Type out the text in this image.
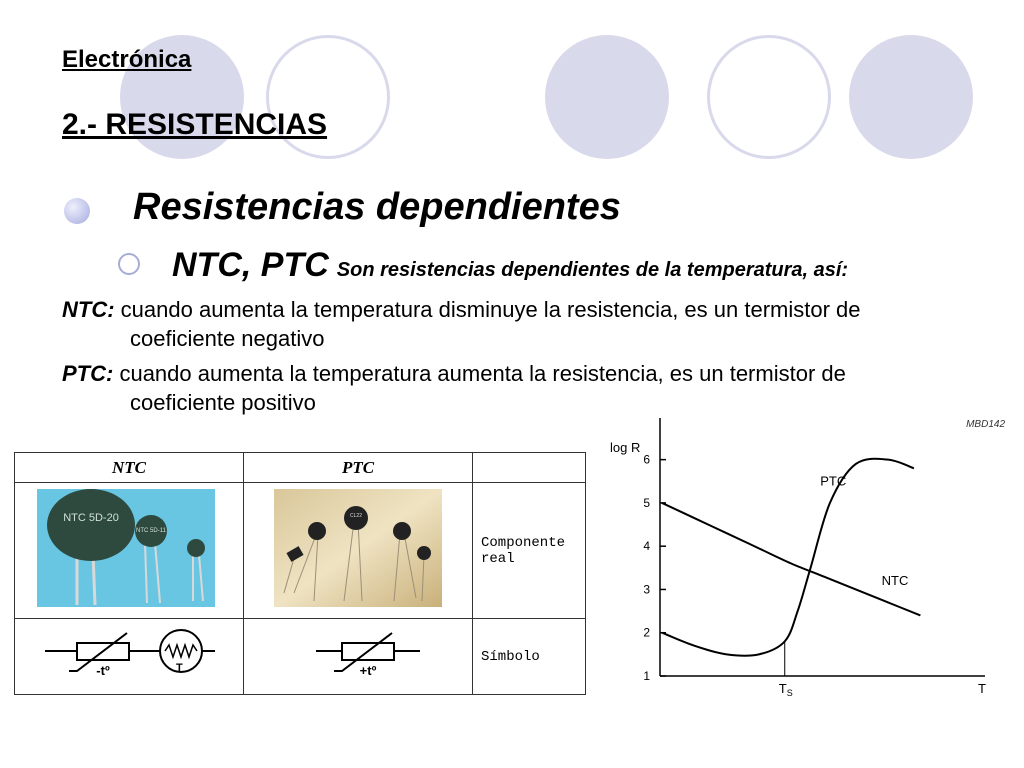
Electrónica
2.- RESISTENCIAS
Resistencias dependientes
NTC, PTC Son resistencias dependientes de la temperatura, así:
NTC: cuando aumenta la temperatura disminuye la resistencia, es un termistor de
coeficiente negativo
PTC: cuando aumenta la temperatura aumenta la resistencia, es un termistor de
coeficiente positivo
NTC	PTC	

NTC 5D-20
NTC 5D-11	CL22	Componente real

-tº T	+tº	Símbolo
log R
MBD142
T
1
2
3
4
5
6
NTC
PTC
$T_S$
